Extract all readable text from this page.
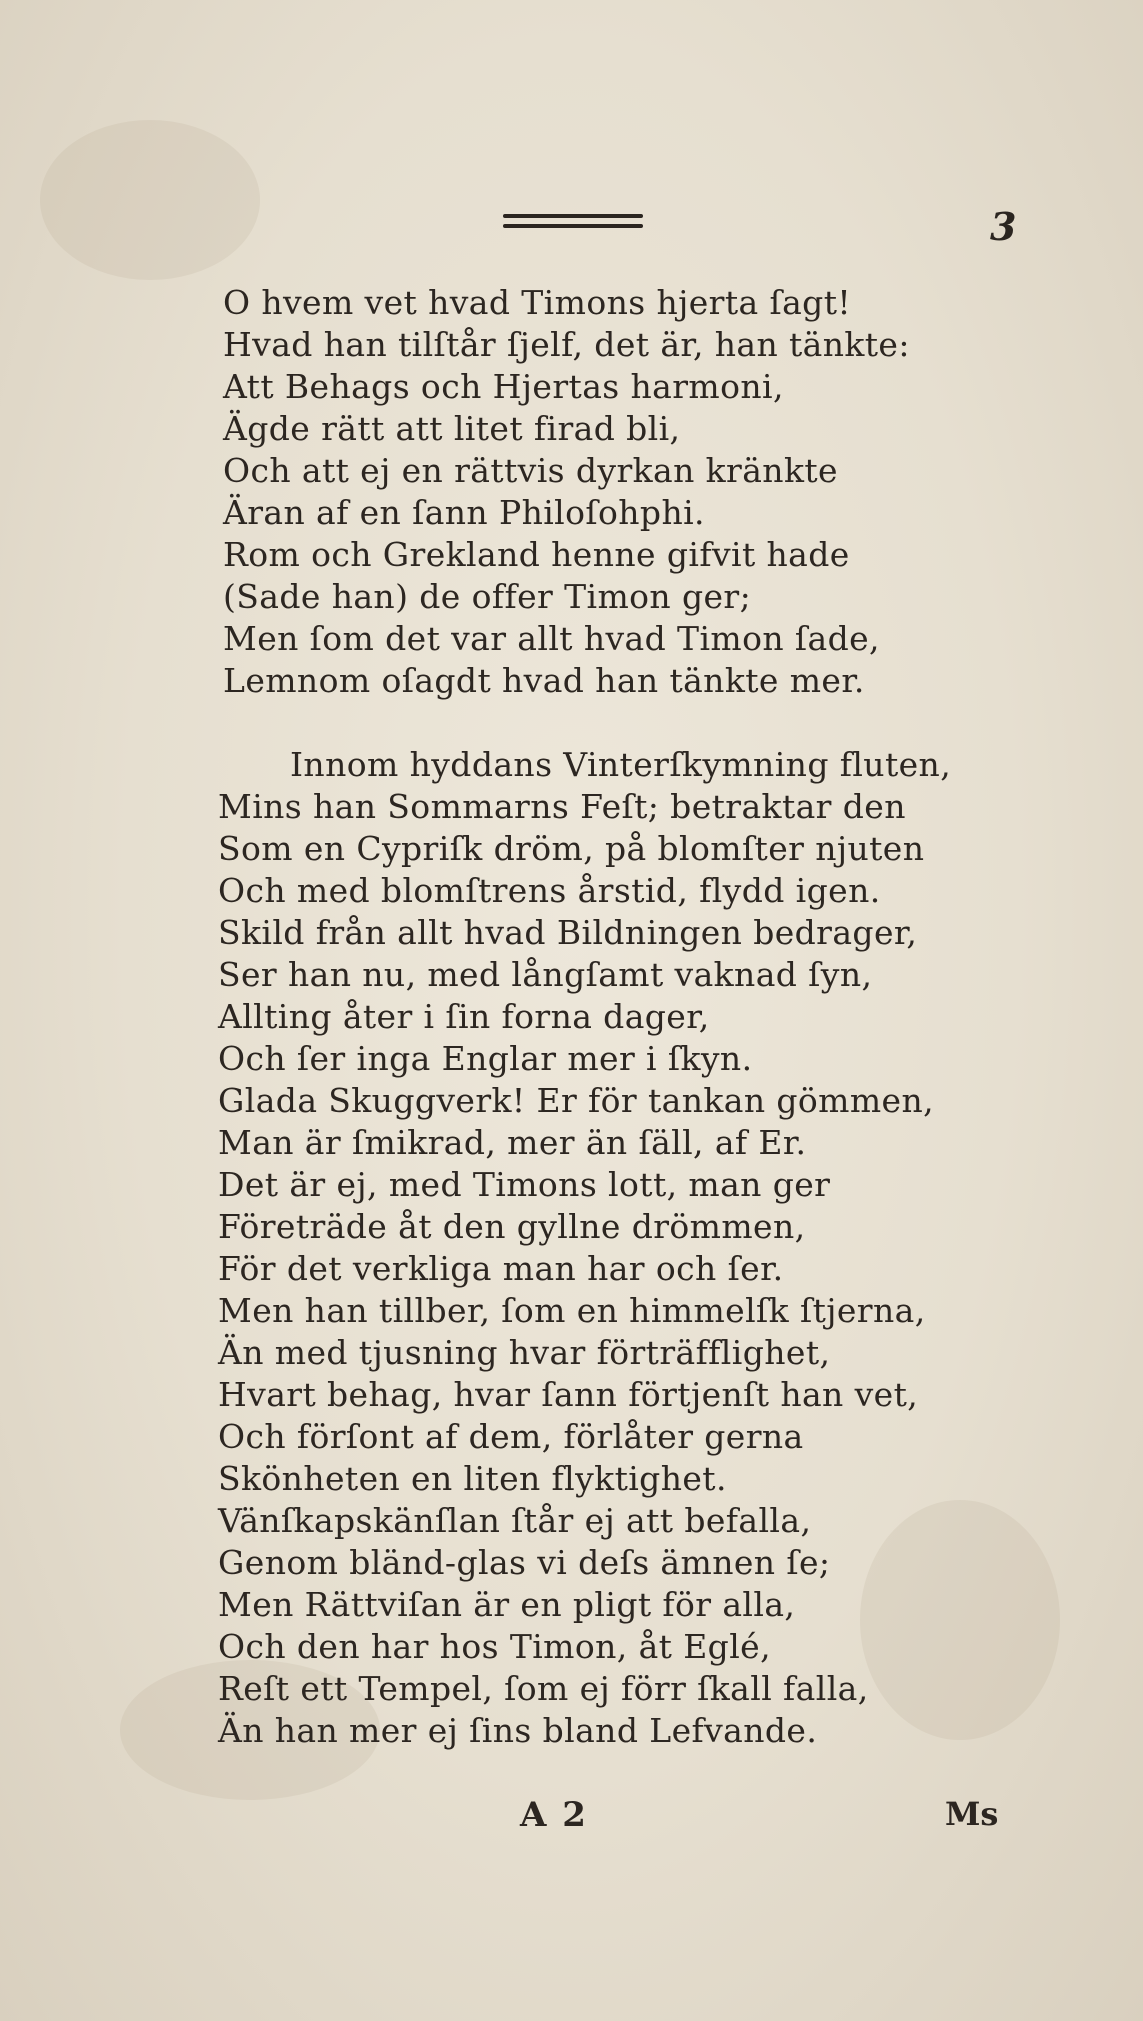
3
O hvem vet hvad Timons hjerta ſagt!
Hvad han tilſtår ſjelf, det är, han tänkte:
Att Behags och Hjertas harmoni,
Ägde rätt att litet firad bli,
Och att ej en rättvis dyrkan kränkte
Äran af en ſann Philoſohphi.
Rom och Grekland henne gifvit hade
(Sade han) de offer Timon ger;
Men ſom det var allt hvad Timon ſade,
Lemnom oſagdt hvad han tänkte mer.
Innom hyddans Vinterſkymning fluten,
Mins han Sommarns Feſt; betraktar den
Som en Cypriſk dröm, på blomſter njuten
Och med blomſtrens årstid, flydd igen.
Skild från allt hvad Bildningen bedrager,
Ser han nu, med långſamt vaknad ſyn,
Allting åter i ſin forna dager,
Och ſer inga Englar mer i ſkyn.
Glada Skuggverk! Er för tankan gömmen,
Man är ſmikrad, mer än ſäll, af Er.
Det är ej, med Timons lott, man ger
Företräde åt den gyllne drömmen,
För det verkliga man har och ſer.
Men han tillber, ſom en himmelſk ſtjerna,
Än med tjusning hvar förträfflighet,
Hvart behag, hvar ſann förtjenſt han vet,
Och förſont af dem, förlåter gerna
Skönheten en liten flyktighet.
Vänſkapskänſlan ſtår ej att befalla,
Genom bländ-glas vi deſs ämnen ſe;
Men Rättviſan är en pligt för alla,
Och den har hos Timon, åt Eglé,
Reſt ett Tempel, ſom ej förr ſkall falla,
Än han mer ej ſins bland Lefvande.
A 2	Ms
